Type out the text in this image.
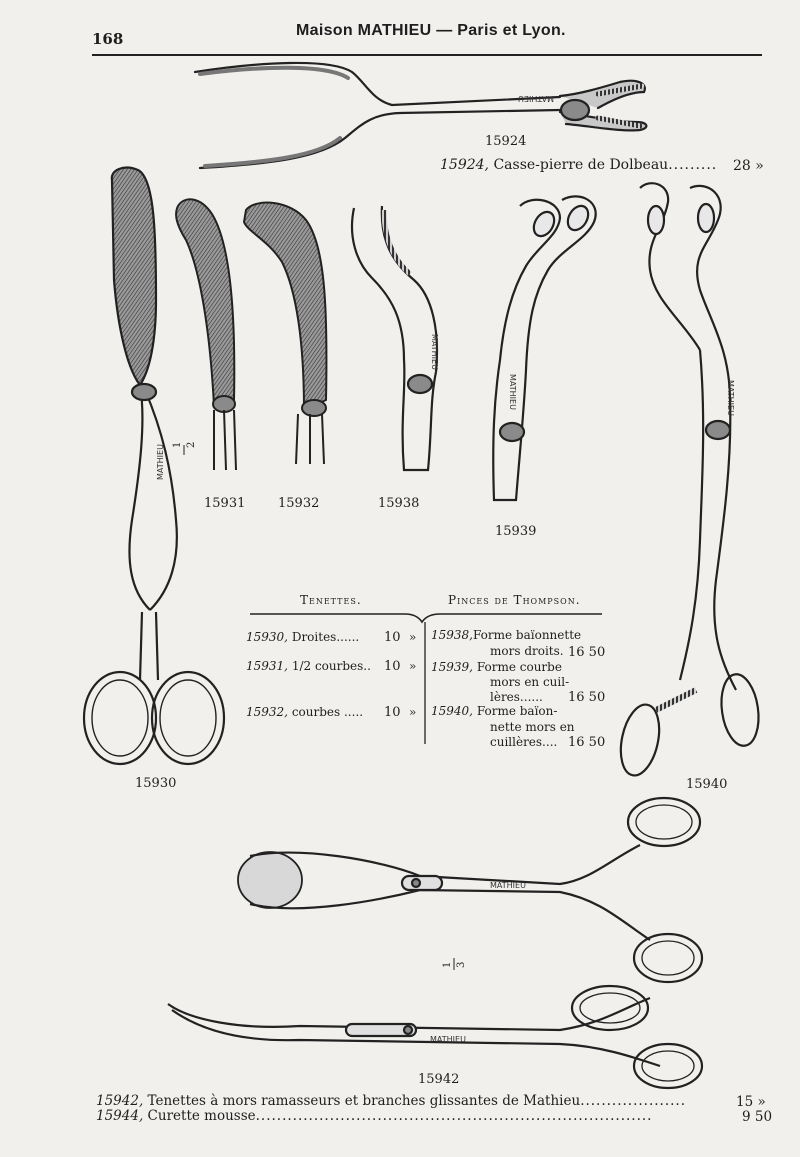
168	Maison MATHIEU — Paris et Lyon.
MATHIEU
MATHIEU
MATHIEU
MATHIEU	MATHIEU
MATHIEU
MATHIEU
1 2
1 3
15924
15924, Casse-pierre de Dolbeau......... 28 »
15931	15932	15938
15939
15930	15940
15942
Tenettes.	Pinces de Thompson.
15930, Droites...... 10 »
15931, 1/2 courbes.. 10 »
15932, courbes ..... 10 »
15938,Forme baïonnette
mors droits. 16 50
15939, Forme courbe
mors en cuil-
lères...... 16 50
15940, Forme baïon-
nette mors en
cuillères.... 16 50
15942, Tenettes à mors ramasseurs et branches glissantes de Mathieu....................	15 »
15944, Curette mousse...........................................................................	9 50
